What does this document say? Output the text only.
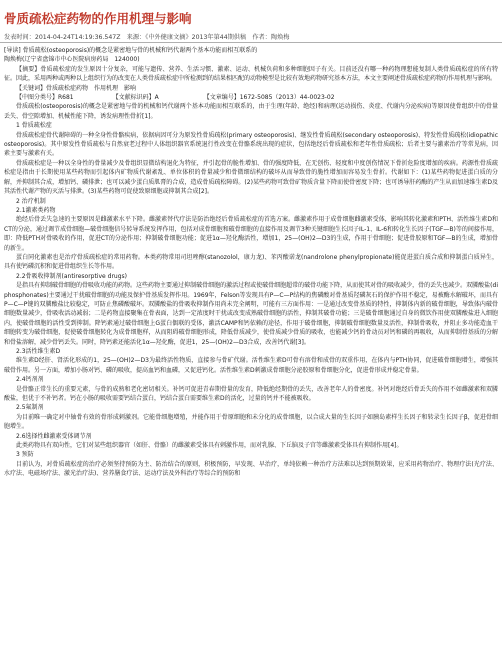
骨质疏松症药物的作用机理与影响
发表时间：2014-04-24T14:19:36.547Z　来源：《中外健康文摘》2013年第44期供稿　作者：陶焕梅

[导读] 骨质疏松(osteoporosis)的概念是紧密地与骨的机械和钙代谢两个基本功能而相互联系的

陶焕梅(辽宁省盘锦市中心医院病房药局　124000)

【摘要】骨质疏松症的发生原因十分复杂，可能与遗传、营养、生活习惯、激素、运动、机械负荷和多种细胞因子有关。目前还没有哪一种药物理想能复制人类骨质疏松症的所有特征。因此，采用两种或两种以上组织行为的改变在人类骨质疏松症中所检测到的结果相匹配的动物模型是比较有效地药物研究基本方法，本文主要阐述骨质疏松症药物的作用机理与影响。

【关键词】骨质疏松症药物　作用机理　影响

【中图分类号】R681　　　　　　　【文献标识码】A　　　　　　　　【文章编号】1672-5085（2013）44-0023-02

骨质疏松(osteoporosis)的概念是紧密地与骨的机械和钙代谢两个基本功能而相互联系的，由于生理(年龄、绝经)和病理(运动损伤、炎症、代谢内分泌疾病)等原因使骨组织中的骨量丢失、骨空隙增加、机械性能下降，诱发病理性骨折[1]。

1 骨质疏松症

骨质疏松症骨代谢障碍的一种全身性骨骼疾病，依据病因可分为原发性骨质疏松(primary osteoporosis)、继发性骨质疏松(secondary osteoporosis)、特发性骨质疏松(idiopathic osteoporosis)。其中原发性骨质疏松与自然衰老过程中人体组织器官系统退行性改变在骨骼系统出现的症状，包括绝经后骨质疏松和老年性骨质疏松；后者主要与激素治疗等常见病，因素主要与激素有关。

骨质疏松症是一种以全身性的骨量减少及骨组织显微结构退化为特征，并引起骨的脆性增加、骨的强度降低，在无创伤、轻度和中度创伤情况下骨折危险度增加的疾病。药源性骨质疏松症是指由于长期使用某些药物而引起体内矿物质代谢紊乱、单位体积的骨量减少和骨微细结构的破坏从而导致骨的脆性增加而容易发生骨折。代谢如下：(1)某些药物促进蛋白质的分解，并抑制其合成，增加钙、磷排泄；也可以减少蛋白质肌膏的合成，造成骨质疏松障碍。(2)某些药物可致骨矿物质含量下降而使骨密度下降；也可诱导肝药酶的产生从而加速维生素D及其活性代谢产物的灭活与排泄。(3)某些药物可促使致原细胞或抑制其合成[2]。

2 治疗机制

2.1激素类药物

绝经后骨丢失急速的主要原因是雌激素水平下降。雌激素替代疗法是防治绝经后骨质疏松症的首选方案。雌激素作用于成骨细胞雌激素受体，影响其转化激素和PTH、活性维生素D和CT的分泌，通过调节成骨细胞—破骨细胞信号转导系统发挥作用，包括对成骨细胞和破骨细胞的直接作用及调节3种关键细胞生长因子IL-1、IL-6和转化生长因子(TGF—B)等的间接作用，即：降低PTH对骨吸收的作用，促进CT的分泌作用；抑制破骨细胞功能；促进1α—羟化酶活性，增加1，25—(OH)2—D3的生成，作用于骨细胞；促进骨胶原和TGF—B的生成，增加骨的新生。

蛋白同化激素也是治疗骨质疏松症的常用药物。本类药物常用司坦唑醇(stanozolol，康力龙)、苯丙酸诺龙(nandrolone phenylpropionate)能促进蛋白质合成和抑制蛋白质异生，具有使钙磷沉积和促进骨组织生长等作用。

2.2骨吸收抑制剂(antiresorptive drugs)

是指具有抑制破骨细胞的骨吸收功能的药物。这些药物主要通过抑制破骨细胞的激活过程或使破骨细胞超常的破骨功能下降，从而使其对骨的吸收减少，骨的丢失也减少。双膦酸盐(diphosphonates)主要通过干扰破骨细胞的功能及保护骨基质发挥作用。1969年，Felson等发现具有P—C—P结构的焦磷酸对骨基质羟磷灰石的保护作用不稳定，易被酶水解破坏，而具有P—C—P键的双膦酸盐比较稳定，可防止焦磷酸破坏。双膦酸盐的骨吸收抑制作用尚未完全阐明，可能有三方面作用：一是通过改变骨基质的特性，抑制体内新的破骨细胞，导致体内破骨细胞数量减少，骨吸收活动减弱；二是药物直接聚集在骨表面，达到一定浓度时干扰或改变成熟破骨细胞的活性，抑制其破骨功能；三是破骨细胞通过自身的微饮作用使双膦酸盐进入细胞内，使破骨细胞的活性受到抑制。降钙素通过破骨细胞上G蛋白偶联的受体，激活CAMP和钙依赖的途径，作用于破骨细胞，抑制破骨细胞数量及活性，抑制骨吸收，并阻止多功能造血干细胞转变为破骨细胞，促使破骨细胞转化为成骨细胞样，从而阻碍破骨细胞形成，降低骨质减少，使骨质减少骨质的吸收，也能减少钙的骨动员对钙和磷的再吸收，从而抑制骨基质的分解和骨盐溶解，减少骨钙丢失。同时，降钙素还能活化1α—羟化酶，促进1，25—(OH)2—D3合成，改善钙代谢[3]。

2.3活性维生素D

维生素D经肝、肾活化形成的1，25—(OH)2—D3为最终活性物质，直接参与骨矿代谢。活性维生素D可骨有溶骨和成骨的双重作用，在体内与PTH协同，促进破骨细胞增生，增强其破骨作用。另一方面，增加小肠对钙、磷的吸收，提高血钙和血磷，又促进钙化。活性维生素D刺激成骨细胞分泌胶原和骨细胞分化，促进骨形成并稳定骨量。

2.4钙剂剂

是骨骼正常生长的重要元素，与骨的成熟和老化密切相关。补钙可促进青春期骨量的发育，降低绝经期骨的丢失，改善老年人的骨密度。补钙对绝经后骨丢失的作用不如雌激素和双膦酸盐，但优于不补钙者。钙在小肠的吸收需要钙结合蛋白，钙结合蛋白需要维生素D的活化，过量的钙并不能被吸收。

2.5氟制剂

为目前唯一确定对中轴骨有效的骨形成刺激剂。它能骨细胞增殖，并能作用于骨原细胞和未分化的成骨细胞，以合成大量的生长因子如胰岛素样生长因子和转录生长因子β，促进骨细胞增生。

2.6选择性雌激素受体调节剂

此类药物具有双向性，它们对某些组织器官（如肝、骨骼）的雌激素受体具有刺激作用，而对乳腺、下丘脑及子宫等雌激素受体具有抑制作用[4]。

3 预防

目前认为，对骨质疏松症的治疗必须坚持预防为主、防治结合的原则，积极预防，早发现、早治疗，单纯依赖一种治疗方法难以达到预期效果，应采用药物治疗、物理疗法(光疗法、水疗法、电磁场疗法、激光治疗法)、营养膳食疗法、运动疗法及外科治疗等综合的预防和
